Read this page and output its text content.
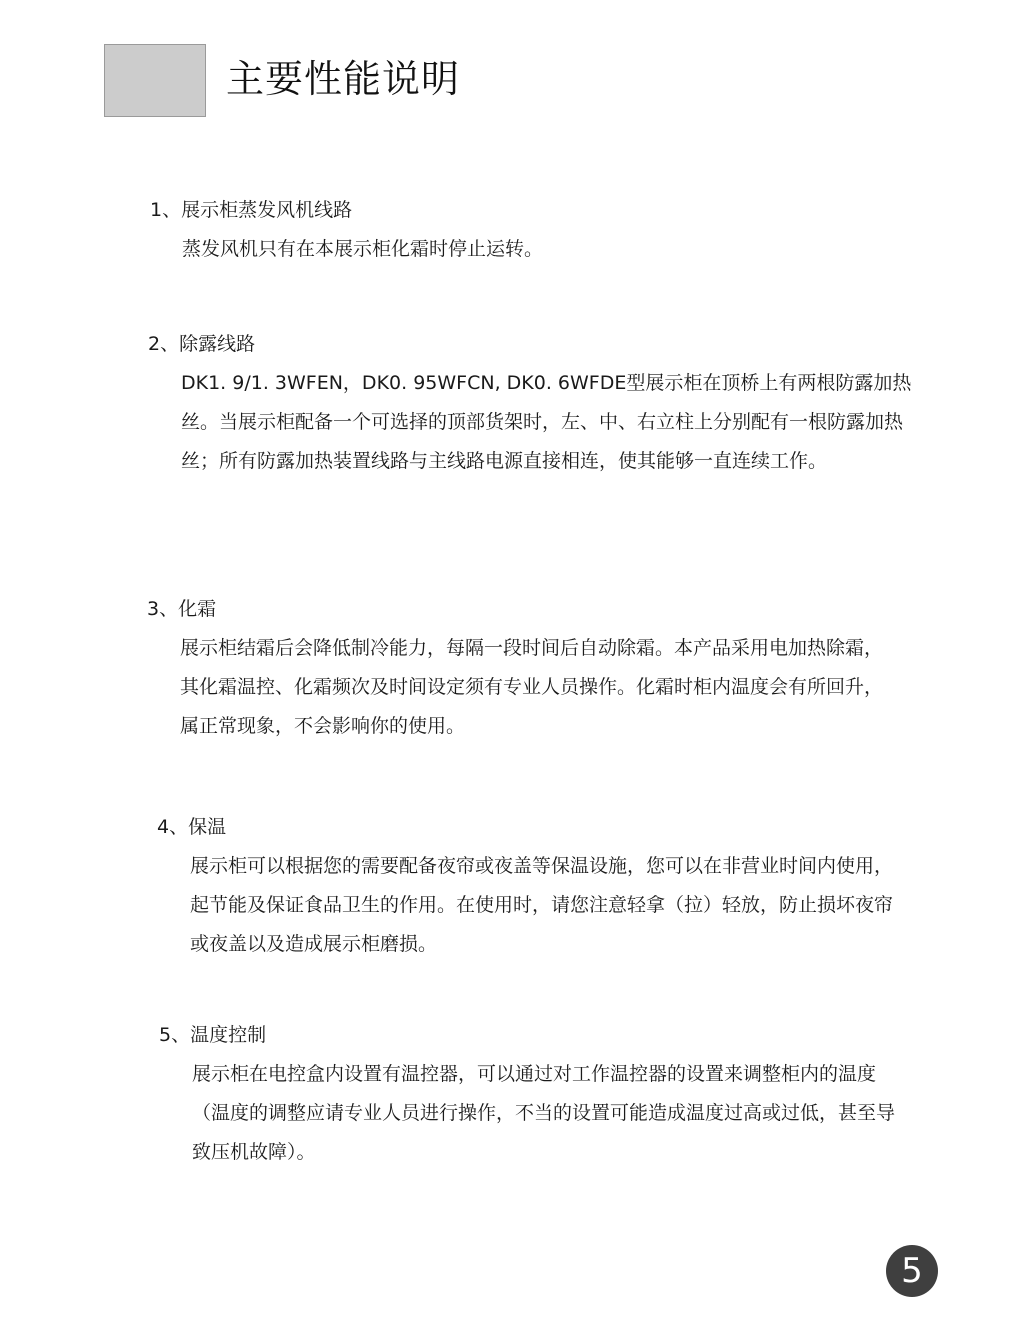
主要性能说明
1、展示柜蒸发风机线路
蒸发风机只有在本展示柜化霜时停止运转。
2、除露线路
DK1. 9/1. 3WFEN，DK0. 95WFCN, DK0. 6WFDE型展示柜在顶桥上有两根防露加热丝。当展示柜配备一个可选择的顶部货架时，左、中、右立柱上分别配有一根防露加热丝；所有防露加热装置线路与主线路电源直接相连，使其能够一直连续工作。
3、化霜
展示柜结霜后会降低制冷能力，每隔一段时间后自动除霜。本产品采用电加热除霜，其化霜温控、化霜频次及时间设定须有专业人员操作。化霜时柜内温度会有所回升，属正常现象，不会影响你的使用。
4、保温
展示柜可以根据您的需要配备夜帘或夜盖等保温设施，您可以在非营业时间内使用，起节能及保证食品卫生的作用。在使用时，请您注意轻拿（拉）轻放，防止损坏夜帘或夜盖以及造成展示柜磨损。
5、温度控制
展示柜在电控盒内设置有温控器，可以通过对工作温控器的设置来调整柜内的温度（温度的调整应请专业人员进行操作，不当的设置可能造成温度过高或过低，甚至导致压机故障）。
5
